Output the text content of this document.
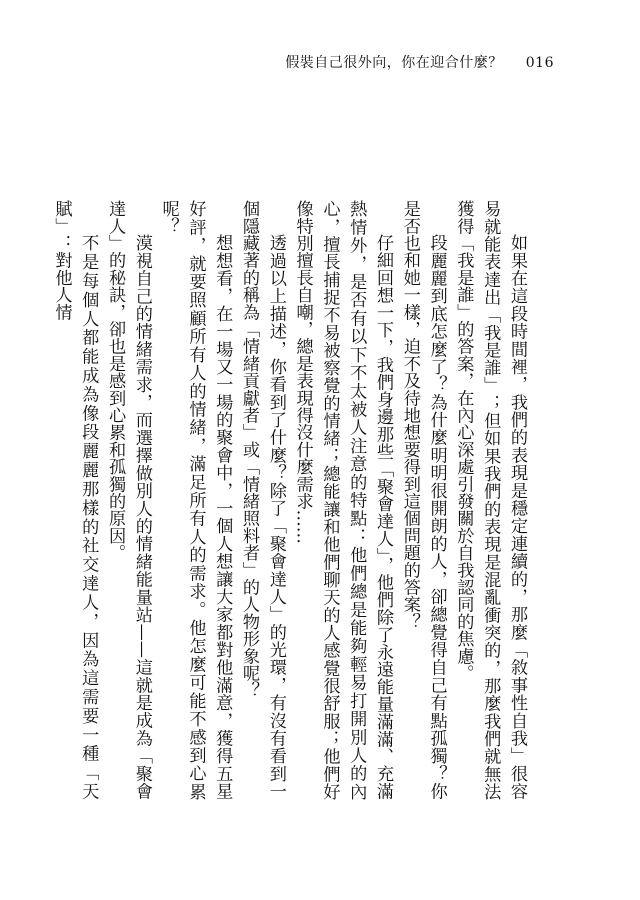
假裝自己很外向，你在迎合什麼？ 016

如果在這段時間裡，我們的表現是穩定連續的，那麼「敘事性自我」很容易就能表達出「我是誰」；但如果我們的表現是混亂衝突的，那麼我們就無法獲得「我是誰」的答案，在內心深處引發關於自我認同的焦慮。

段麗麗到底怎麼了？為什麼明明很開朗的人，卻總覺得自己有點孤獨？你是否也和她一樣，迫不及待地想要得到這個問題的答案？

仔細回想一下，我們身邊那些「聚會達人」，他們除了永遠能量滿滿、充滿熱情外，是否有以下不太被人注意的特點：他們總是能夠輕易打開別人的內心，擅長捕捉不易被察覺的情緒；總能讓和他們聊天的人感覺很舒服；他們好像特別擅長自嘲，總是表現得沒什麼需求……

透過以上描述，你看到了什麼？除了「聚會達人」的光環，有沒有看到一個隱藏著的稱為「情緒貢獻者」或「情緒照料者」的人物形象呢？

想想看，在一場又一場的聚會中，一個人想讓大家都對他滿意，獲得五星好評，就要照顧所有人的情緒，滿足所有人的需求。他怎麼可能不感到心累呢？

漠視自己的情緒需求，而選擇做別人的情緒能量站——這就是成為「聚會達人」的秘訣，卻也是感到心累和孤獨的原因。

不是每個人都能成為像段麗麗那樣的社交達人，因為這需要一種「天賦」：對他人情
